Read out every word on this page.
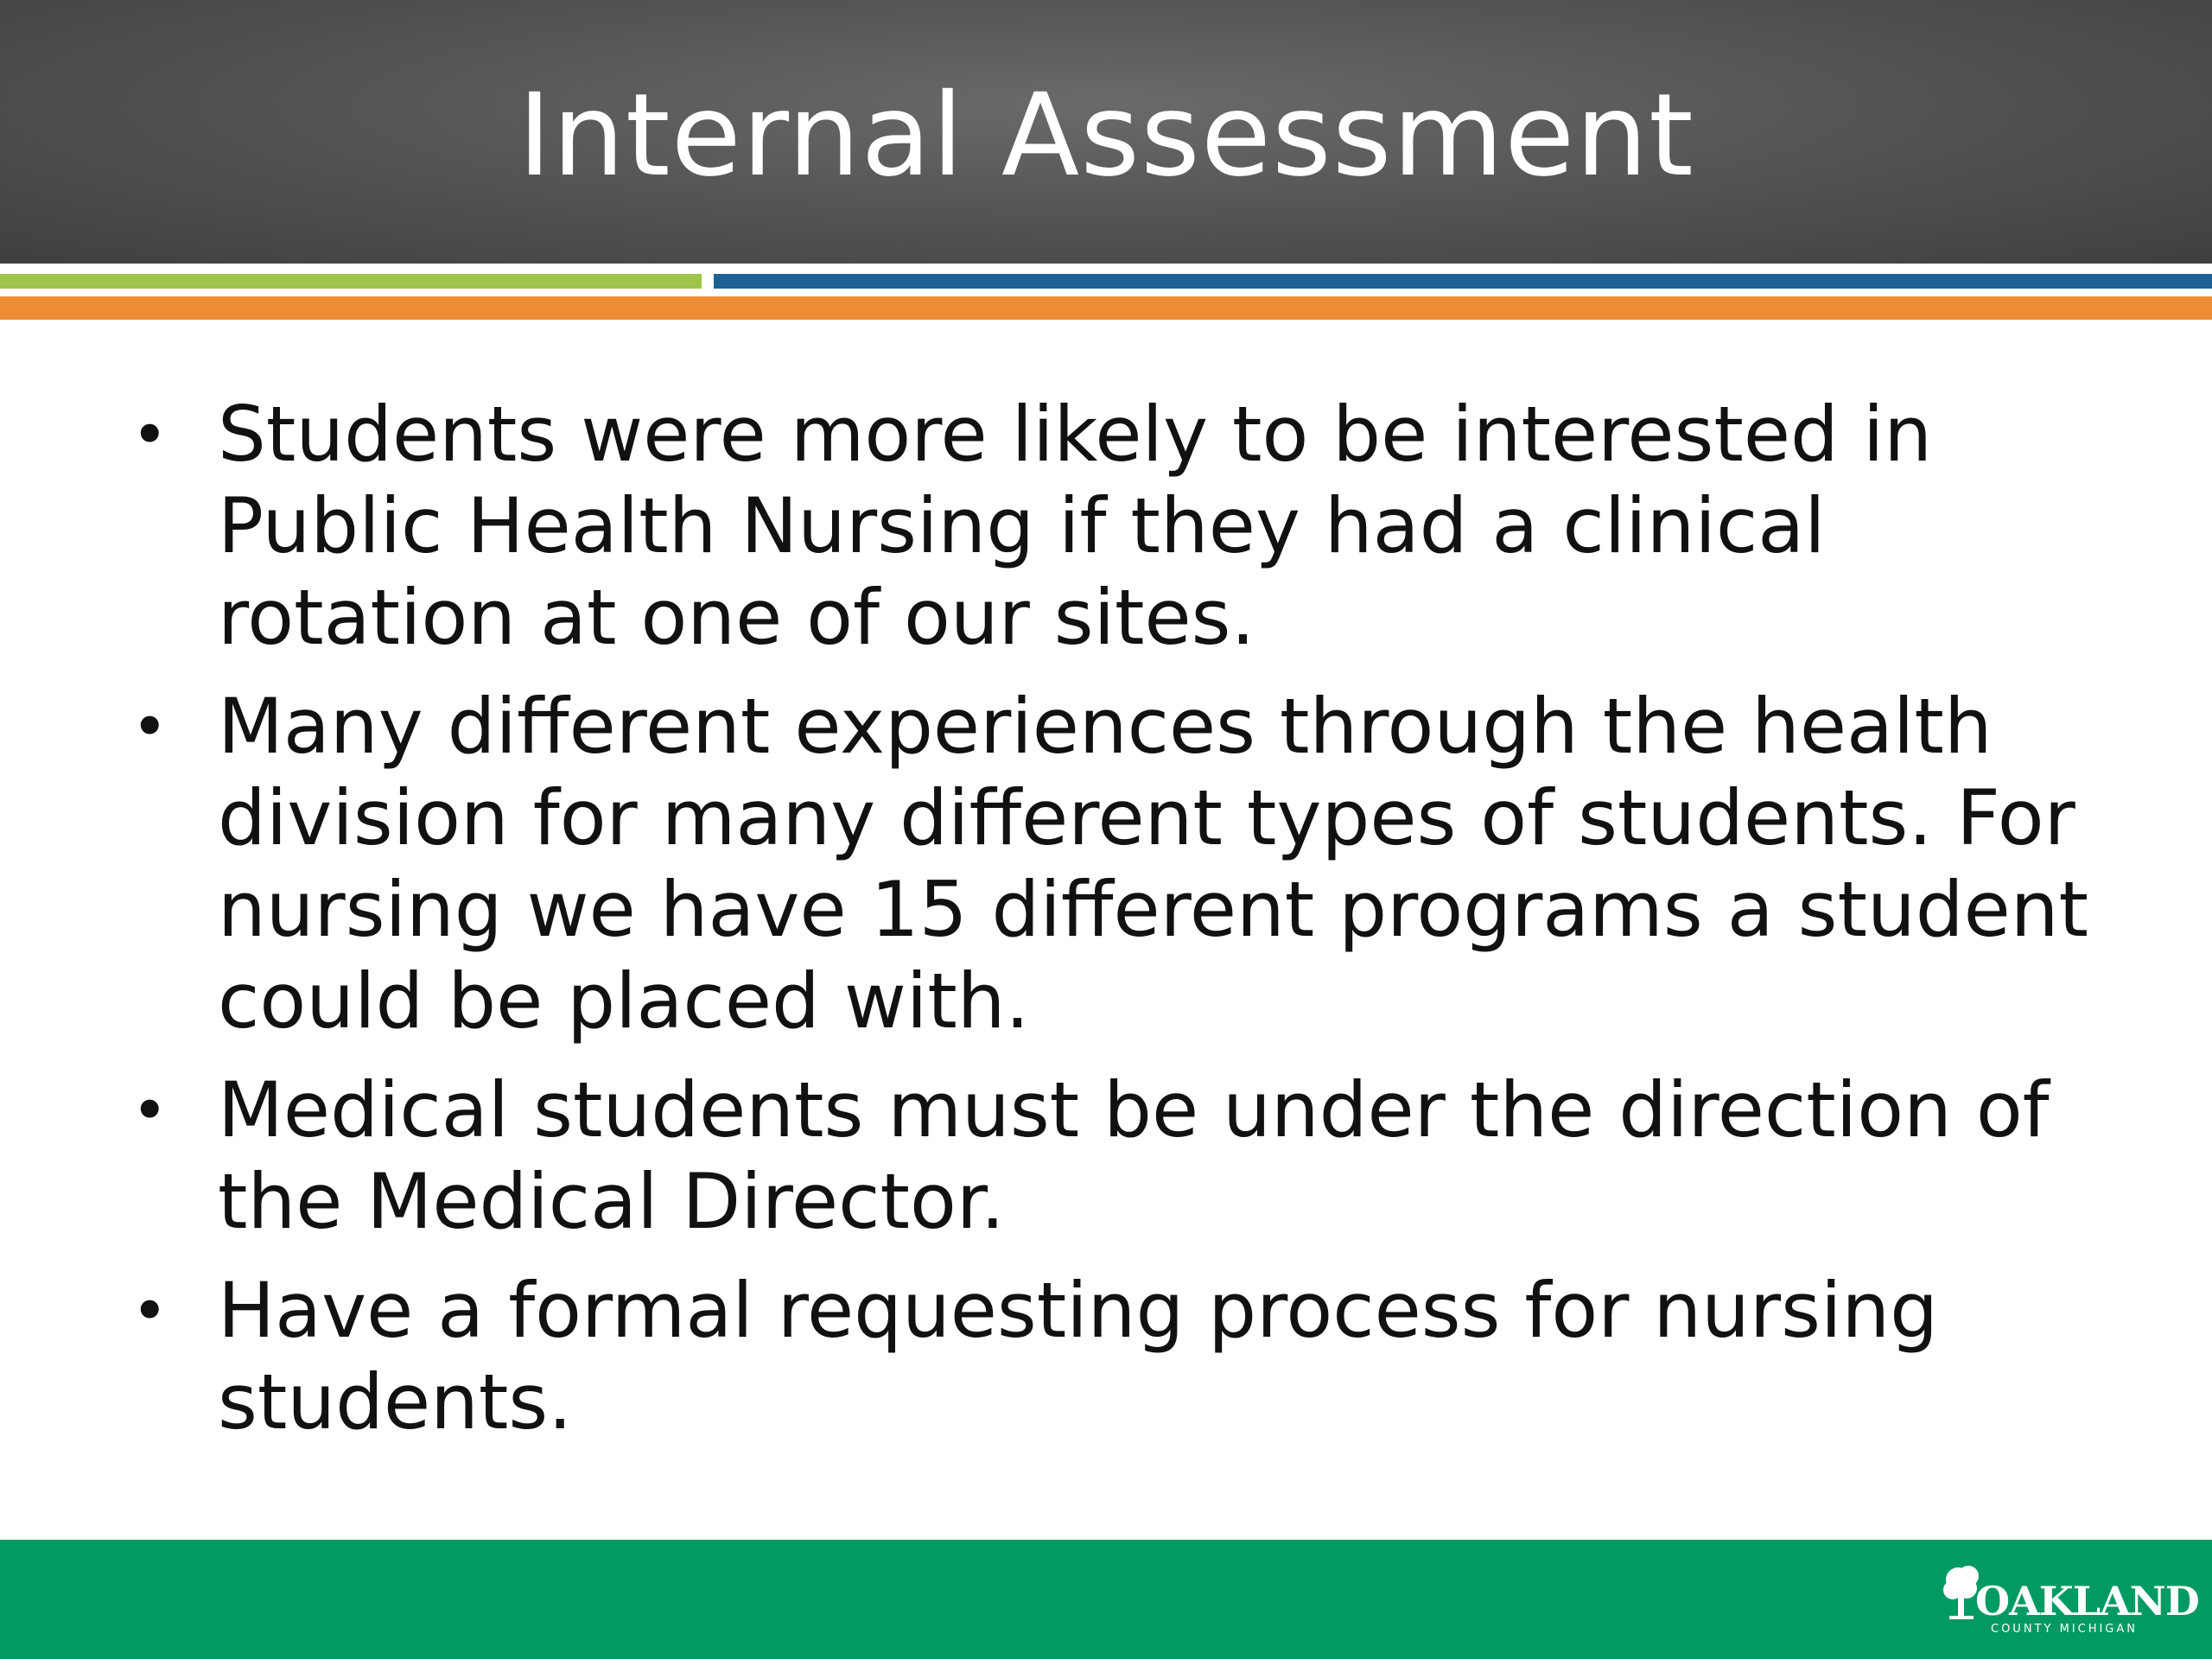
Internal Assessment
• Students were more likely to be interested in Public Health Nursing if they had a clinical rotation at one of our sites.
• Many different experiences through the health division for many different types of students. For nursing we have 15 different programs a student could be placed with.
• Medical students must be under the direction of the Medical Director.
• Have a formal requesting process for nursing students.
OAKLAND
COUNTY MICHIGAN
